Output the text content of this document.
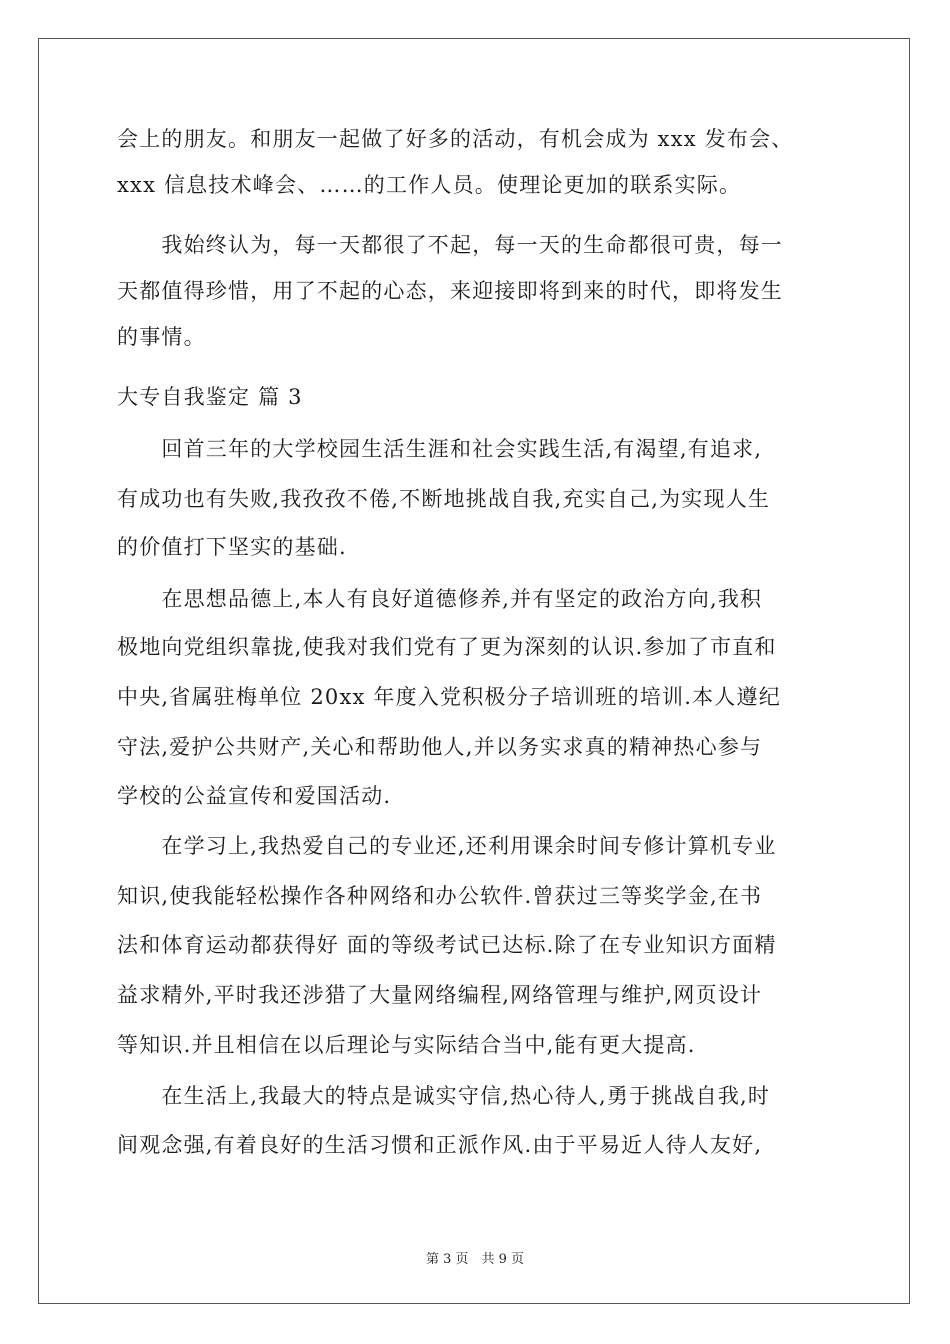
会上的朋友。和朋友一起做了好多的活动，有机会成为 xxx 发布会、
xxx 信息技术峰会、……的工作人员。使理论更加的联系实际。
　　我始终认为，每一天都很了不起，每一天的生命都很可贵，每一
天都值得珍惜，用了不起的心态，来迎接即将到来的时代，即将发生
的事情。
大专自我鉴定 篇 3
　　回首三年的大学校园生活生涯和社会实践生活,有渴望,有追求,
有成功也有失败,我孜孜不倦,不断地挑战自我,充实自己,为实现人生
的价值打下坚实的基础.
　　在思想品德上,本人有良好道德修养,并有坚定的政治方向,我积
极地向党组织靠拢,使我对我们党有了更为深刻的认识.参加了市直和
中央,省属驻梅单位 20xx 年度入党积极分子培训班的培训.本人遵纪
守法,爱护公共财产,关心和帮助他人,并以务实求真的精神热心参与
学校的公益宣传和爱国活动.
　　在学习上,我热爱自己的专业还,还利用课余时间专修计算机专业
知识,使我能轻松操作各种网络和办公软件.曾获过三等奖学金,在书
法和体育运动都获得好 面的等级考试已达标.除了在专业知识方面精
益求精外,平时我还涉猎了大量网络编程,网络管理与维护,网页设计
等知识.并且相信在以后理论与实际结合当中,能有更大提高.
　　在生活上,我最大的特点是诚实守信,热心待人,勇于挑战自我,时
间观念强,有着良好的生活习惯和正派作风.由于平易近人待人友好,
第 3 页　共 9 页
